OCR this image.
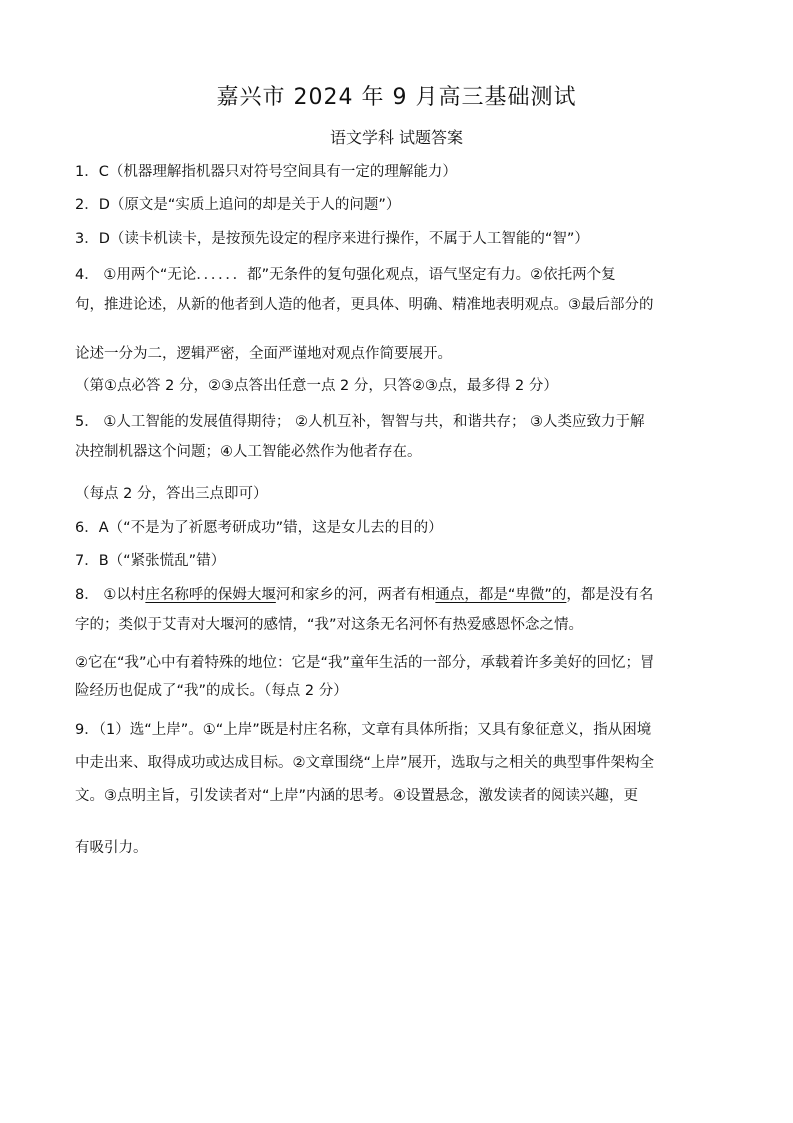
嘉兴市 2024 年 9 月高三基础测试
语文学科 试题答案
1．C（机器理解指机器只对符号空间具有一定的理解能力）
2．D（原文是“实质上追问的却是关于人的问题”）
3．D（读卡机读卡，是按预先设定的程序来进行操作，不属于人工智能的“智”）
4． ①用两个“无论．．．．．．都”无条件的复句强化观点，语气坚定有力。②依托两个复
句，推进论述，从新的他者到人造的他者，更具体、明确、精准地表明观点。③最后部分的
论述一分为二，逻辑严密，全面严谨地对观点作简要展开。
（第①点必答 2 分，②③点答出任意一点 2 分，只答②③点，最多得 2 分）
5． ①人工智能的发展值得期待； ②人机互补，智智与共，和谐共存； ③人类应致力于解
决控制机器这个问题；④人工智能必然作为他者存在。
（每点 2 分，答出三点即可）
6．A（“不是为了祈愿考研成功”错，这是女儿去的目的）
7．B（“紧张慌乱”错）
8． ①以村庄名称呼的保姆大堰河和家乡的河，两者有相通点，都是“卑微”的，都是没有名
字的；类似于艾青对大堰河的感情，“我”对这条无名河怀有热爱感恩怀念之情。
②它在“我”心中有着特殊的地位：它是“我”童年生活的一部分，承载着许多美好的回忆；冒
险经历也促成了“我”的成长。（每点 2 分）
9．（1）选“上岸”。①“上岸”既是村庄名称，文章有具体所指；又具有象征意义，指从困境
中走出来、取得成功或达成目标。②文章围绕“上岸”展开，选取与之相关的典型事件架构全
文。③点明主旨，引发读者对“上岸”内涵的思考。④设置悬念，激发读者的阅读兴趣，更
有吸引力。
